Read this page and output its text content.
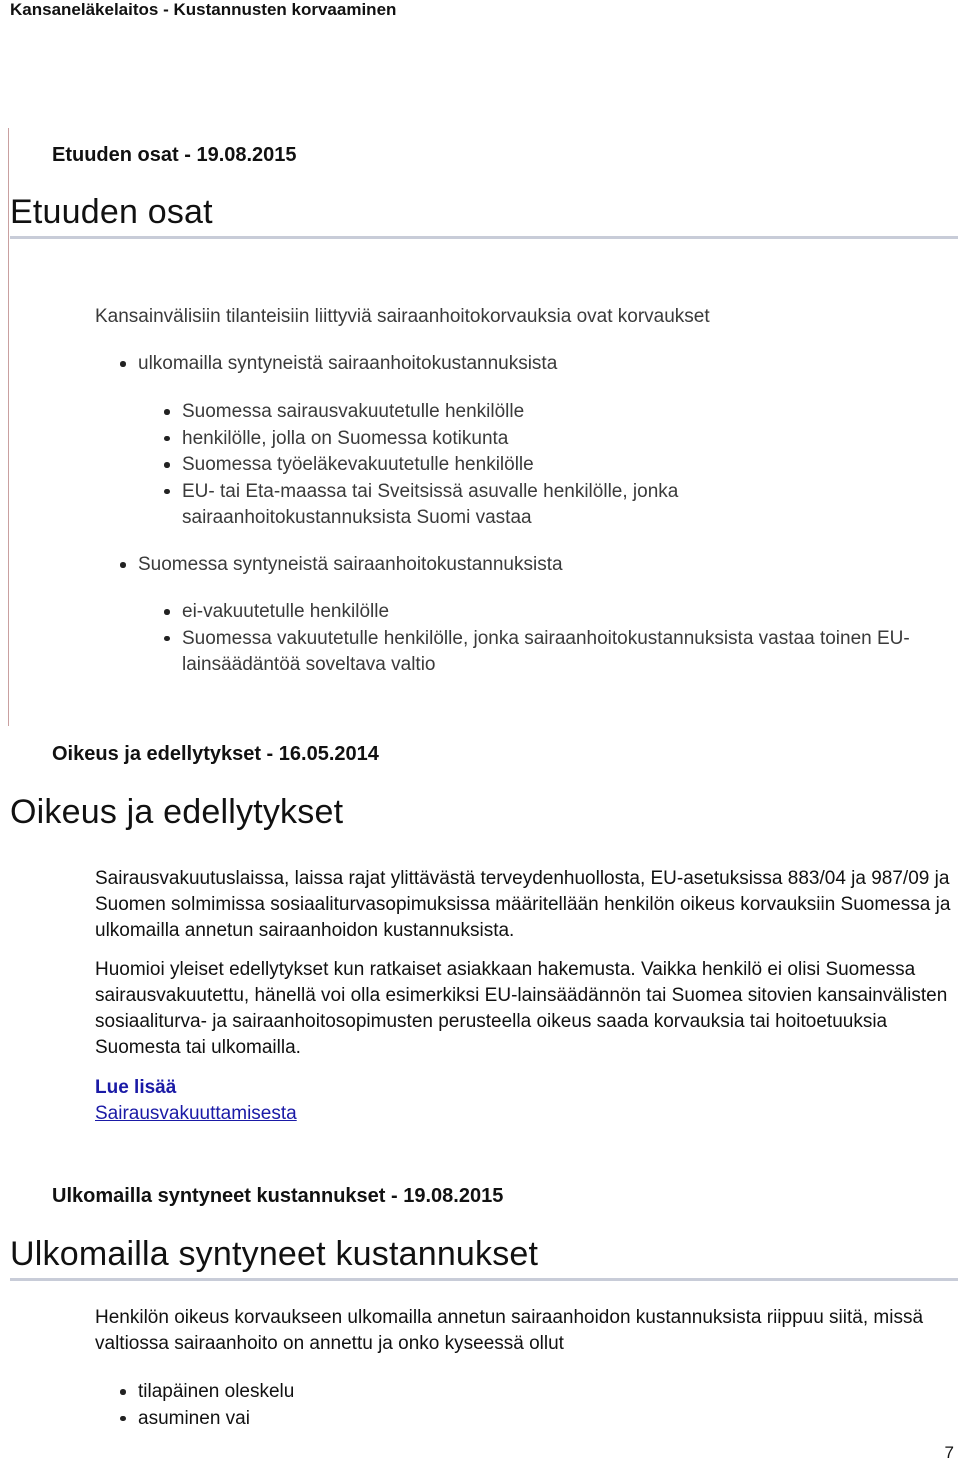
Kansaneläkelaitos - Kustannusten korvaaminen
Etuuden osat - 19.08.2015
Etuuden osat

Kansainvälisiin tilanteisiin liittyviä sairaanhoitokorvauksia ovat korvaukset

ulkomailla syntyneistä sairaanhoitokustannuksista
Suomessa sairausvakuutetulle henkilölle
henkilölle, jolla on Suomessa kotikunta
Suomessa työeläkevakuutetulle henkilölle
EU- tai Eta-maassa tai Sveitsissä asuvalle henkilölle, jonka sairaanhoitokustannuksista Suomi vastaa
Suomessa syntyneistä sairaanhoitokustannuksista
ei-vakuutetulle henkilölle
Suomessa vakuutetulle henkilölle, jonka sairaanhoitokustannuksista vastaa toinen EU-lainsäädäntöä soveltava valtio
Oikeus ja edellytykset - 16.05.2014
Oikeus ja edellytykset

Sairausvakuutuslaissa, laissa rajat ylittävästä terveydenhuollosta, EU-asetuksissa 883/04 ja 987/09 ja Suomen solmimissa sosiaaliturvasopimuksissa määritellään henkilön oikeus korvauksiin Suomessa ja ulkomailla annetun sairaanhoidon kustannuksista.

Huomioi yleiset edellytykset kun ratkaiset asiakkaan hakemusta. Vaikka henkilö ei olisi Suomessa sairausvakuutettu, hänellä voi olla esimerkiksi EU-lainsäädännön tai Suomea sitovien kansainvälisten sosiaaliturva- ja sairaanhoitosopimusten perusteella oikeus saada korvauksia tai hoitoetuuksia Suomesta tai ulkomailla.

Lue lisää

Sairausvakuuttamisesta
Ulkomailla syntyneet kustannukset - 19.08.2015
Ulkomailla syntyneet kustannukset

Henkilön oikeus korvaukseen ulkomailla annetun sairaanhoidon kustannuksista riippuu siitä, missä valtiossa sairaanhoito on annettu ja onko kyseessä ollut

tilapäinen oleskelu
asuminen vai
7
